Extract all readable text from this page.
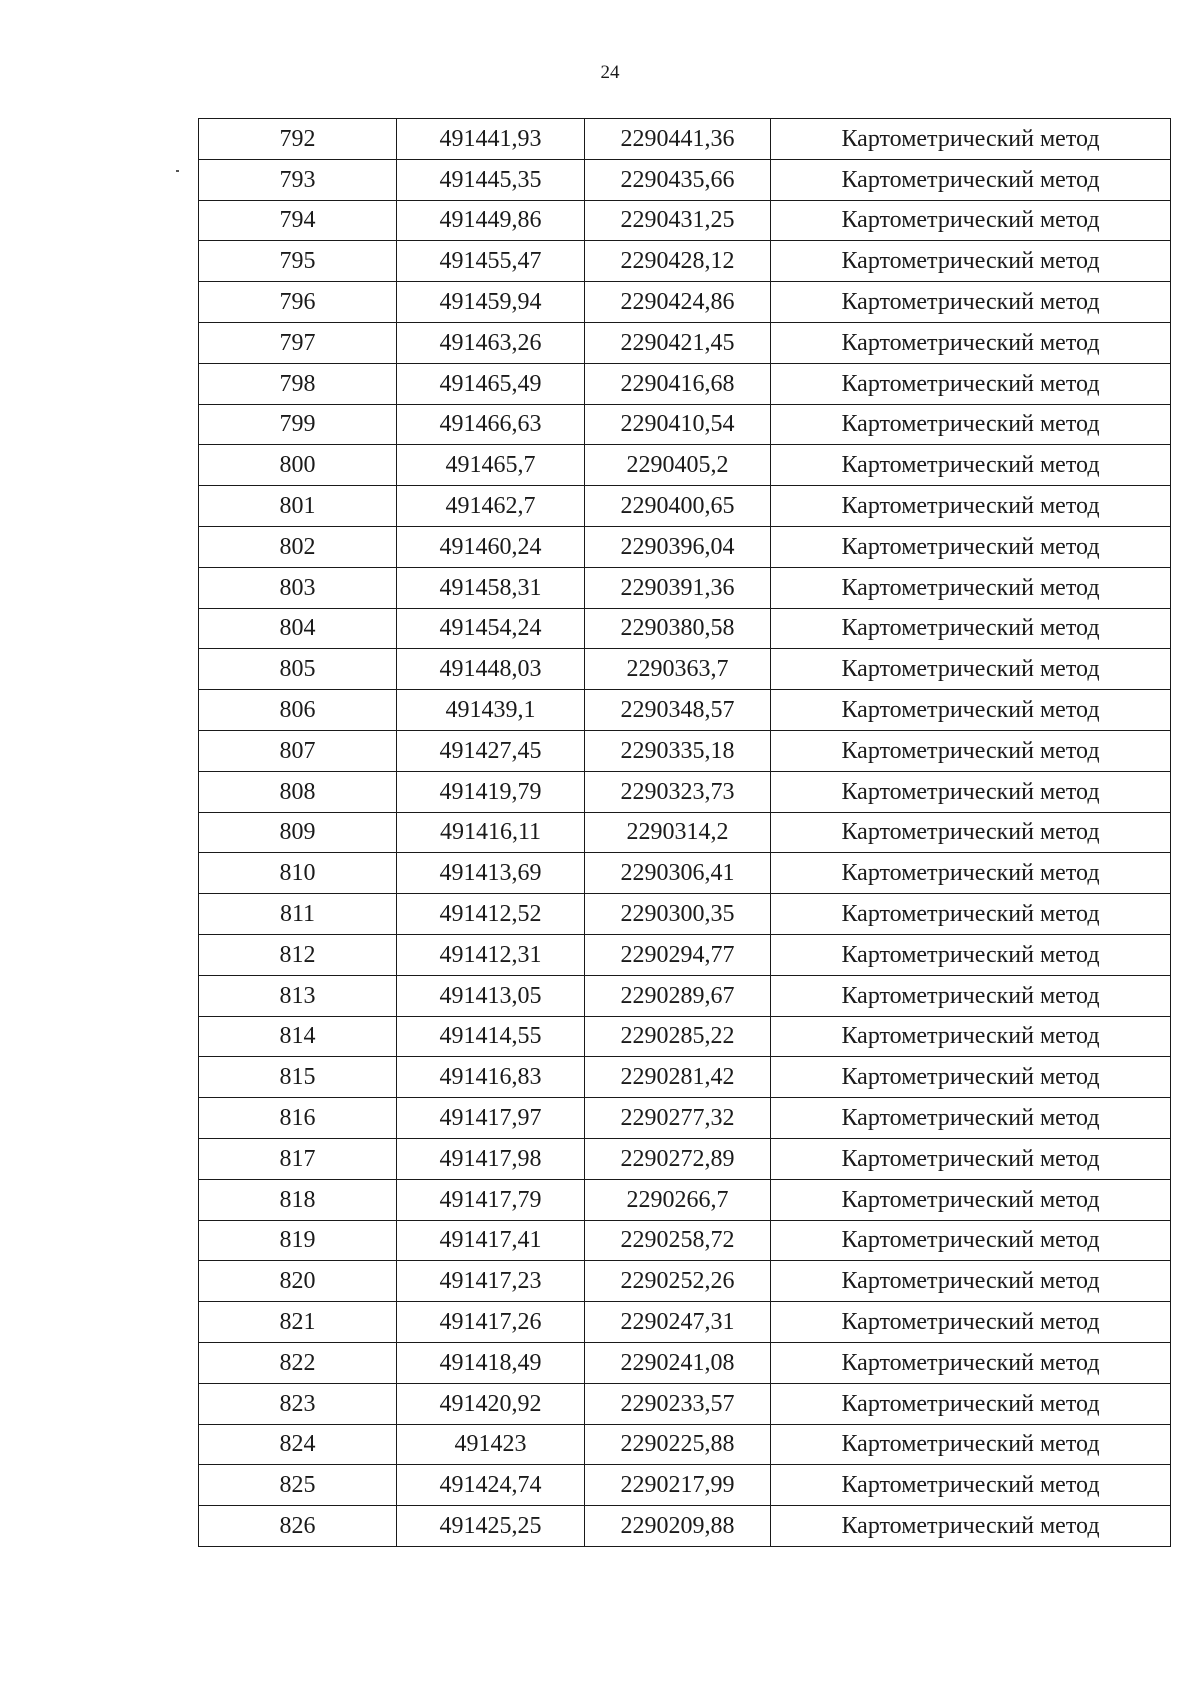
24
792	491441,93	2290441,36	Картометрический метод
793	491445,35	2290435,66	Картометрический метод
794	491449,86	2290431,25	Картометрический метод
795	491455,47	2290428,12	Картометрический метод
796	491459,94	2290424,86	Картометрический метод
797	491463,26	2290421,45	Картометрический метод
798	491465,49	2290416,68	Картометрический метод
799	491466,63	2290410,54	Картометрический метод
800	491465,7	2290405,2	Картометрический метод
801	491462,7	2290400,65	Картометрический метод
802	491460,24	2290396,04	Картометрический метод
803	491458,31	2290391,36	Картометрический метод
804	491454,24	2290380,58	Картометрический метод
805	491448,03	2290363,7	Картометрический метод
806	491439,1	2290348,57	Картометрический метод
807	491427,45	2290335,18	Картометрический метод
808	491419,79	2290323,73	Картометрический метод
809	491416,11	2290314,2	Картометрический метод
810	491413,69	2290306,41	Картометрический метод
811	491412,52	2290300,35	Картометрический метод
812	491412,31	2290294,77	Картометрический метод
813	491413,05	2290289,67	Картометрический метод
814	491414,55	2290285,22	Картометрический метод
815	491416,83	2290281,42	Картометрический метод
816	491417,97	2290277,32	Картометрический метод
817	491417,98	2290272,89	Картометрический метод
818	491417,79	2290266,7	Картометрический метод
819	491417,41	2290258,72	Картометрический метод
820	491417,23	2290252,26	Картометрический метод
821	491417,26	2290247,31	Картометрический метод
822	491418,49	2290241,08	Картометрический метод
823	491420,92	2290233,57	Картометрический метод
824	491423	2290225,88	Картометрический метод
825	491424,74	2290217,99	Картометрический метод
826	491425,25	2290209,88	Картометрический метод
